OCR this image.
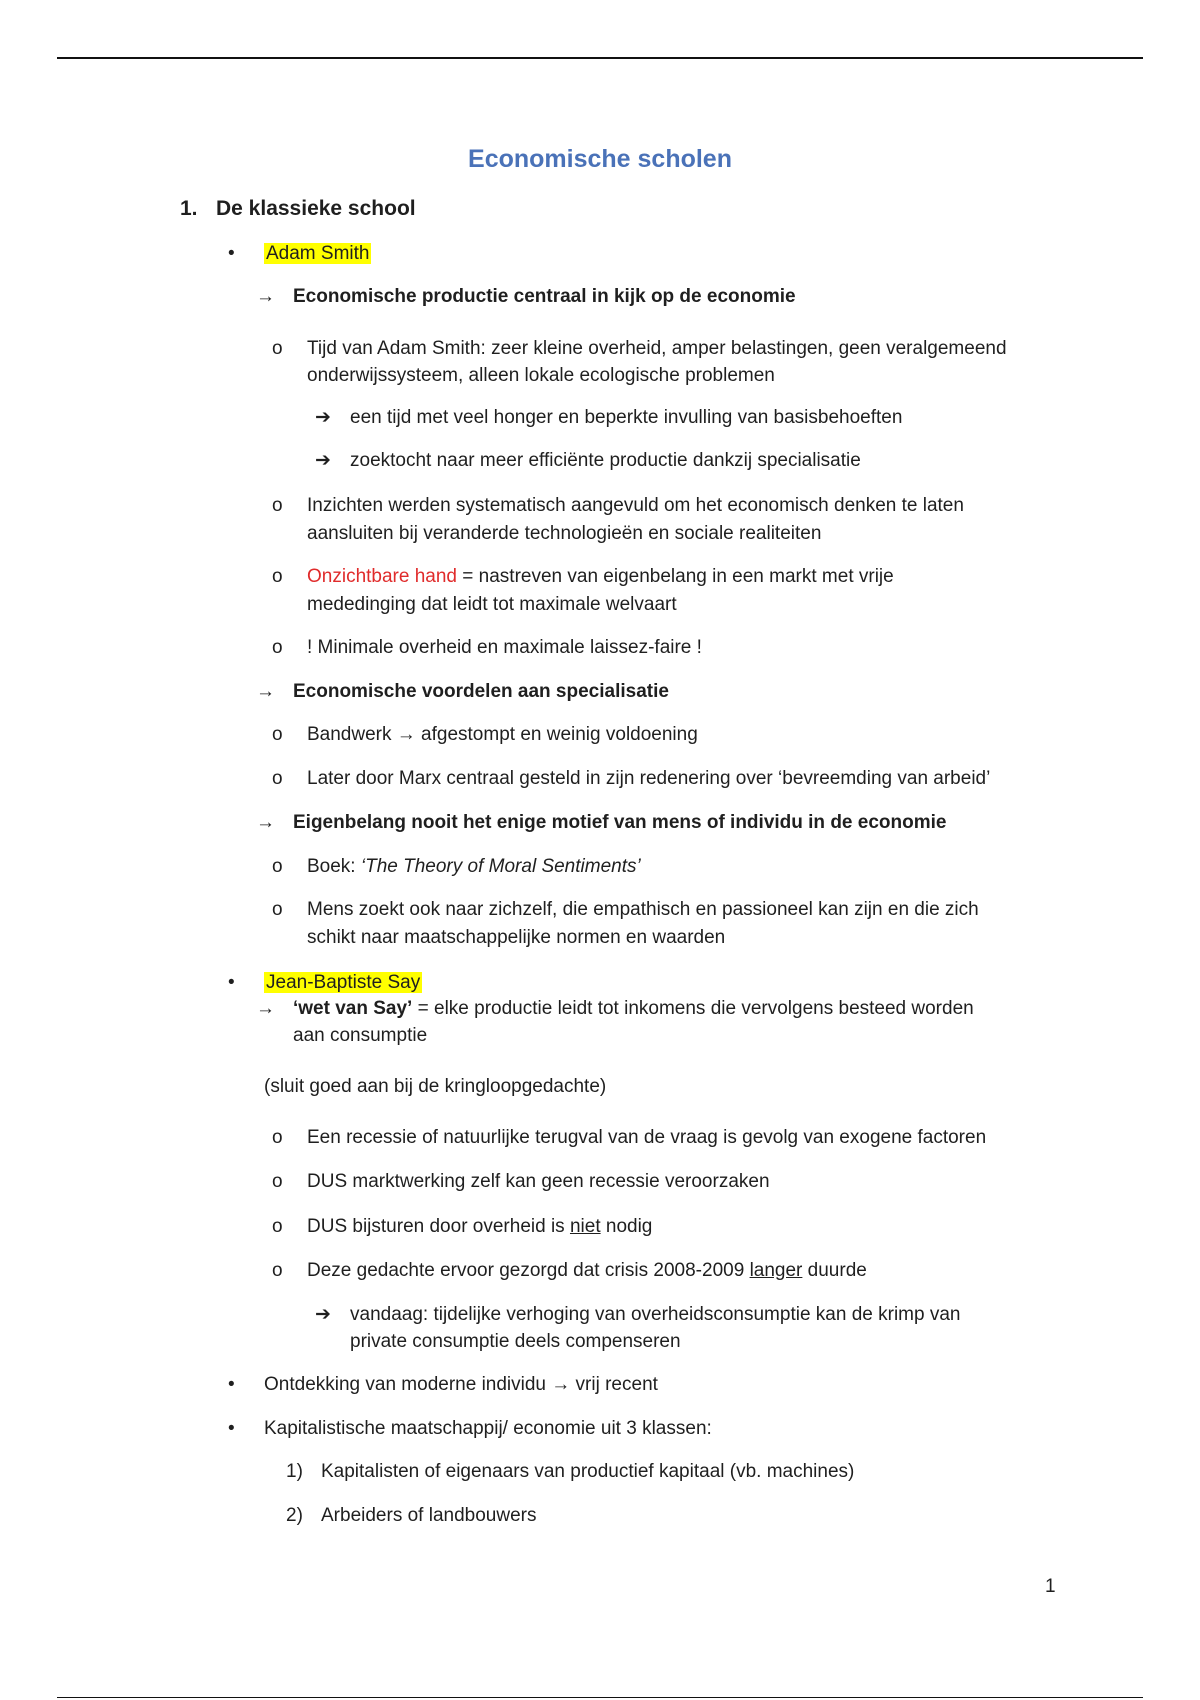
Economische scholen
1. De klassieke school
• Adam Smith
→ Economische productie centraal in kijk op de economie
o Tijd van Adam Smith: zeer kleine overheid, amper belastingen, geen veralgemeend
onderwijssysteem, alleen lokale ecologische problemen
➔ een tijd met veel honger en beperkte invulling van basisbehoeften
➔ zoektocht naar meer efficiënte productie dankzij specialisatie
o Inzichten werden systematisch aangevuld om het economisch denken te laten
aansluiten bij veranderde technologieën en sociale realiteiten
o Onzichtbare hand = nastreven van eigenbelang in een markt met vrije
mededinging dat leidt tot maximale welvaart
o ! Minimale overheid en maximale laissez-faire !
→ Economische voordelen aan specialisatie
o Bandwerk → afgestompt en weinig voldoening
o Later door Marx centraal gesteld in zijn redenering over ‘bevreemding van arbeid’
→ Eigenbelang nooit het enige motief van mens of individu in de economie
o Boek: ‘The Theory of Moral Sentiments’
o Mens zoekt ook naar zichzelf, die empathisch en passioneel kan zijn en die zich
schikt naar maatschappelijke normen en waarden
• Jean-Baptiste Say
→ ‘wet van Say’ = elke productie leidt tot inkomens die vervolgens besteed worden
aan consumptie
(sluit goed aan bij de kringloopgedachte)
o Een recessie of natuurlijke terugval van de vraag is gevolg van exogene factoren
o DUS marktwerking zelf kan geen recessie veroorzaken
o DUS bijsturen door overheid is niet nodig
o Deze gedachte ervoor gezorgd dat crisis 2008-2009 langer duurde
➔ vandaag: tijdelijke verhoging van overheidsconsumptie kan de krimp van
private consumptie deels compenseren
• Ontdekking van moderne individu → vrij recent
• Kapitalistische maatschappij/ economie uit 3 klassen:
1) Kapitalisten of eigenaars van productief kapitaal (vb. machines)
2) Arbeiders of landbouwers
1
